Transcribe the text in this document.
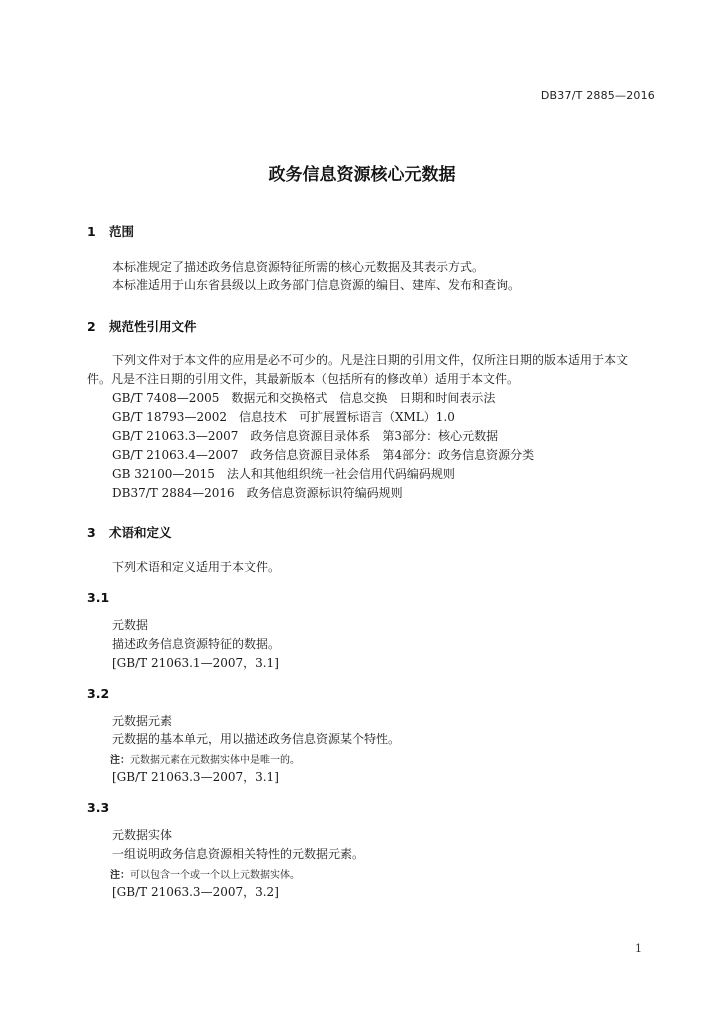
DB37/T 2885—2016
政务信息资源核心元数据
1 范围
本标准规定了描述政务信息资源特征所需的核心元数据及其表示方式。
本标准适用于山东省县级以上政务部门信息资源的编目、建库、发布和查询。
2 规范性引用文件
下列文件对于本文件的应用是必不可少的。凡是注日期的引用文件，仅所注日期的版本适用于本文
件。凡是不注日期的引用文件，其最新版本（包括所有的修改单）适用于本文件。
GB/T 7408—2005　数据元和交换格式　信息交换　日期和时间表示法
GB/T 18793—2002　信息技术　可扩展置标语言（XML）1.0
GB/T 21063.3—2007　政务信息资源目录体系　第3部分：核心元数据
GB/T 21063.4—2007　政务信息资源目录体系　第4部分：政务信息资源分类
GB 32100—2015　法人和其他组织统一社会信用代码编码规则
DB37/T 2884—2016　政务信息资源标识符编码规则
3 术语和定义
下列术语和定义适用于本文件。
3.1
元数据
描述政务信息资源特征的数据。
[GB/T 21063.1—2007，3.1]
3.2
元数据元素
元数据的基本单元，用以描述政务信息资源某个特性。
注：元数据元素在元数据实体中是唯一的。
[GB/T 21063.3—2007，3.1]
3.3
元数据实体
一组说明政务信息资源相关特性的元数据元素。
注：可以包含一个或一个以上元数据实体。
[GB/T 21063.3—2007，3.2]
1
